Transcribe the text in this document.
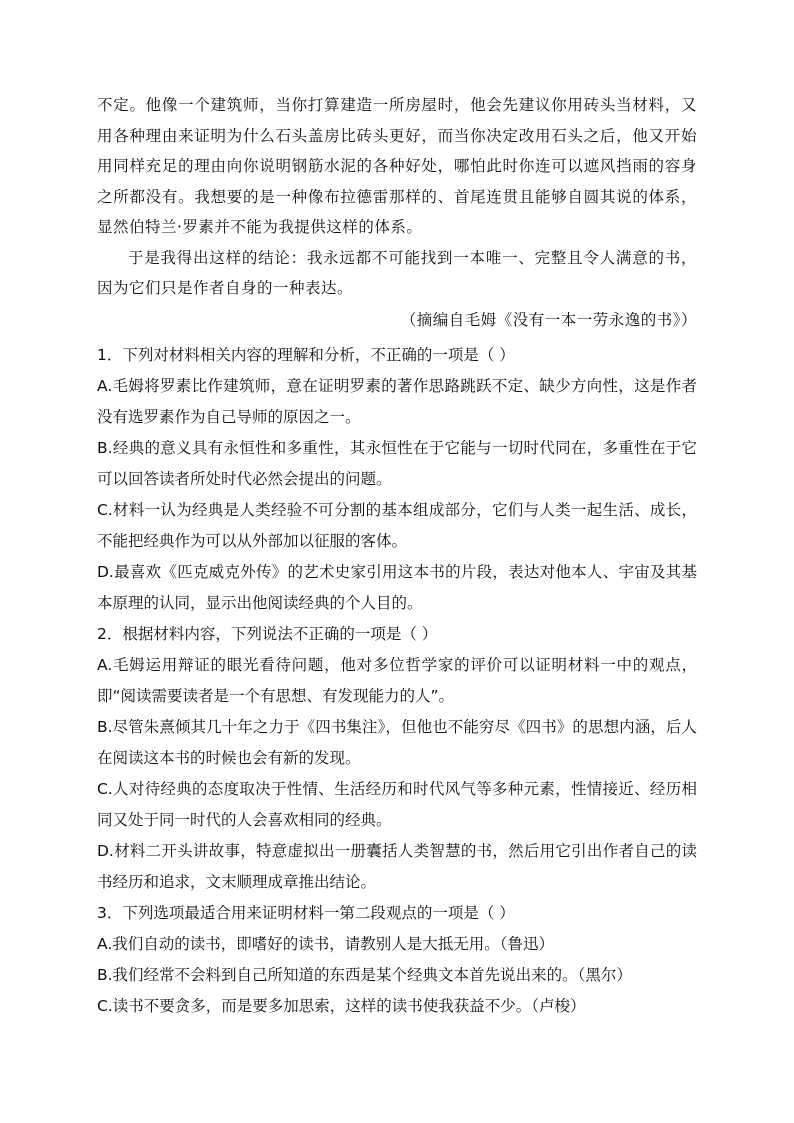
不定。他像一个建筑师，当你打算建造一所房屋时，他会先建议你用砖头当材料，又用各种理由来证明为什么石头盖房比砖头更好，而当你决定改用石头之后，他又开始用同样充足的理由向你说明钢筋水泥的各种好处，哪怕此时你连可以遮风挡雨的容身之所都没有。我想要的是一种像布拉德雷那样的、首尾连贯且能够自圆其说的体系，显然伯特兰·罗素并不能为我提供这样的体系。

于是我得出这样的结论：我永远都不可能找到一本唯一、完整且令人满意的书，因为它们只是作者自身的一种表达。

（摘编自毛姆《没有一本一劳永逸的书》）

1．下列对材料相关内容的理解和分析，不正确的一项是（ ）

A.毛姆将罗素比作建筑师，意在证明罗素的著作思路跳跃不定、缺少方向性，这是作者没有选罗素作为自己导师的原因之一。

B.经典的意义具有永恒性和多重性，其永恒性在于它能与一切时代同在，多重性在于它可以回答读者所处时代必然会提出的问题。

C.材料一认为经典是人类经验不可分割的基本组成部分，它们与人类一起生活、成长，不能把经典作为可以从外部加以征服的客体。

D.最喜欢《匹克威克外传》的艺术史家引用这本书的片段，表达对他本人、宇宙及其基本原理的认同，显示出他阅读经典的个人目的。

2．根据材料内容，下列说法不正确的一项是（ ）

A.毛姆运用辩证的眼光看待问题，他对多位哲学家的评价可以证明材料一中的观点，即“阅读需要读者是一个有思想、有发现能力的人”。

B.尽管朱熹倾其几十年之力于《四书集注》，但他也不能穷尽《四书》的思想内涵，后人在阅读这本书的时候也会有新的发现。

C.人对待经典的态度取决于性情、生活经历和时代风气等多种元素，性情接近、经历相同又处于同一时代的人会喜欢相同的经典。

D.材料二开头讲故事，特意虚拟出一册囊括人类智慧的书，然后用它引出作者自己的读书经历和追求，文末顺理成章推出结论。

3．下列选项最适合用来证明材料一第二段观点的一项是（ ）

A.我们自动的读书，即嗜好的读书，请教别人是大抵无用。（鲁迅）

B.我们经常不会料到自己所知道的东西是某个经典文本首先说出来的。（黑尔）

C.读书不要贪多，而是要多加思索，这样的读书使我获益不少。（卢梭）
